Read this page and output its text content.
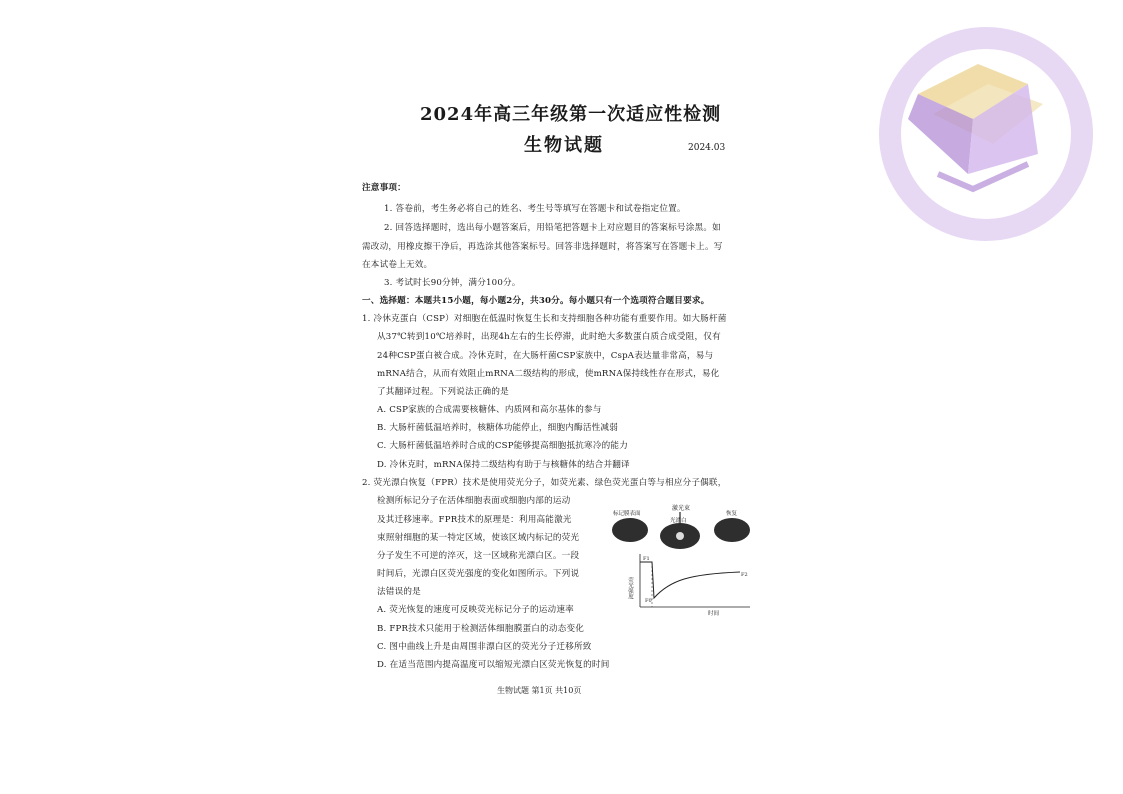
2024年高三年级第一次适应性检测
生物试题	2024.03
注意事项：
1. 答卷前，考生务必将自己的姓名、考生号等填写在答题卡和试卷指定位置。
2. 回答选择题时，选出每小题答案后，用铅笔把答题卡上对应题目的答案标号涂黑。如
需改动，用橡皮擦干净后，再选涂其他答案标号。回答非选择题时，将答案写在答题卡上。写
在本试卷上无效。
3. 考试时长90分钟，满分100分。
一、选择题：本题共15小题，每小题2分，共30分。每小题只有一个选项符合题目要求。
1. 冷休克蛋白（CSP）对细胞在低温时恢复生长和支持细胞各种功能有重要作用。如大肠杆菌
从37℃转到10℃培养时，出现4h左右的生长停滞，此时绝大多数蛋白质合成受阻，仅有
24种CSP蛋白被合成。冷休克时，在大肠杆菌CSP家族中，CspA表达量非常高，易与
mRNA结合，从而有效阻止mRNA二级结构的形成，使mRNA保持线性存在形式，易化
了其翻译过程。下列说法正确的是
A. CSP家族的合成需要核糖体、内质网和高尔基体的参与
B. 大肠杆菌低温培养时，核糖体功能停止，细胞内酶活性减弱
C. 大肠杆菌低温培养时合成的CSP能够提高细胞抵抗寒冷的能力
D. 冷休克时，mRNA保持二级结构有助于与核糖体的结合并翻译
2. 荧光漂白恢复（FPR）技术是使用荧光分子，如荧光素、绿色荧光蛋白等与相应分子偶联，
检测所标记分子在活体细胞表面或细胞内部的运动
及其迁移速率。FPR技术的原理是：利用高能激光
束照射细胞的某一特定区域，使该区域内标记的荧光
分子发生不可逆的淬灭，这一区域称光漂白区。一段
时间后，光漂白区荧光强度的变化如图所示。下列说
法错误的是
A. 荧光恢复的速度可反映荧光标记分子的运动速率
B. FPR技术只能用于检测活体细胞膜蛋白的动态变化
C. 图中曲线上升是由周围非漂白区的荧光分子迁移所致
D. 在适当范围内提高温度可以缩短光漂白区荧光恢复的时间
激光束
标记膜表面
光漂白
恢复
荧光强度
时间
F1
F2
F0
生物试题 第1页 共10页
